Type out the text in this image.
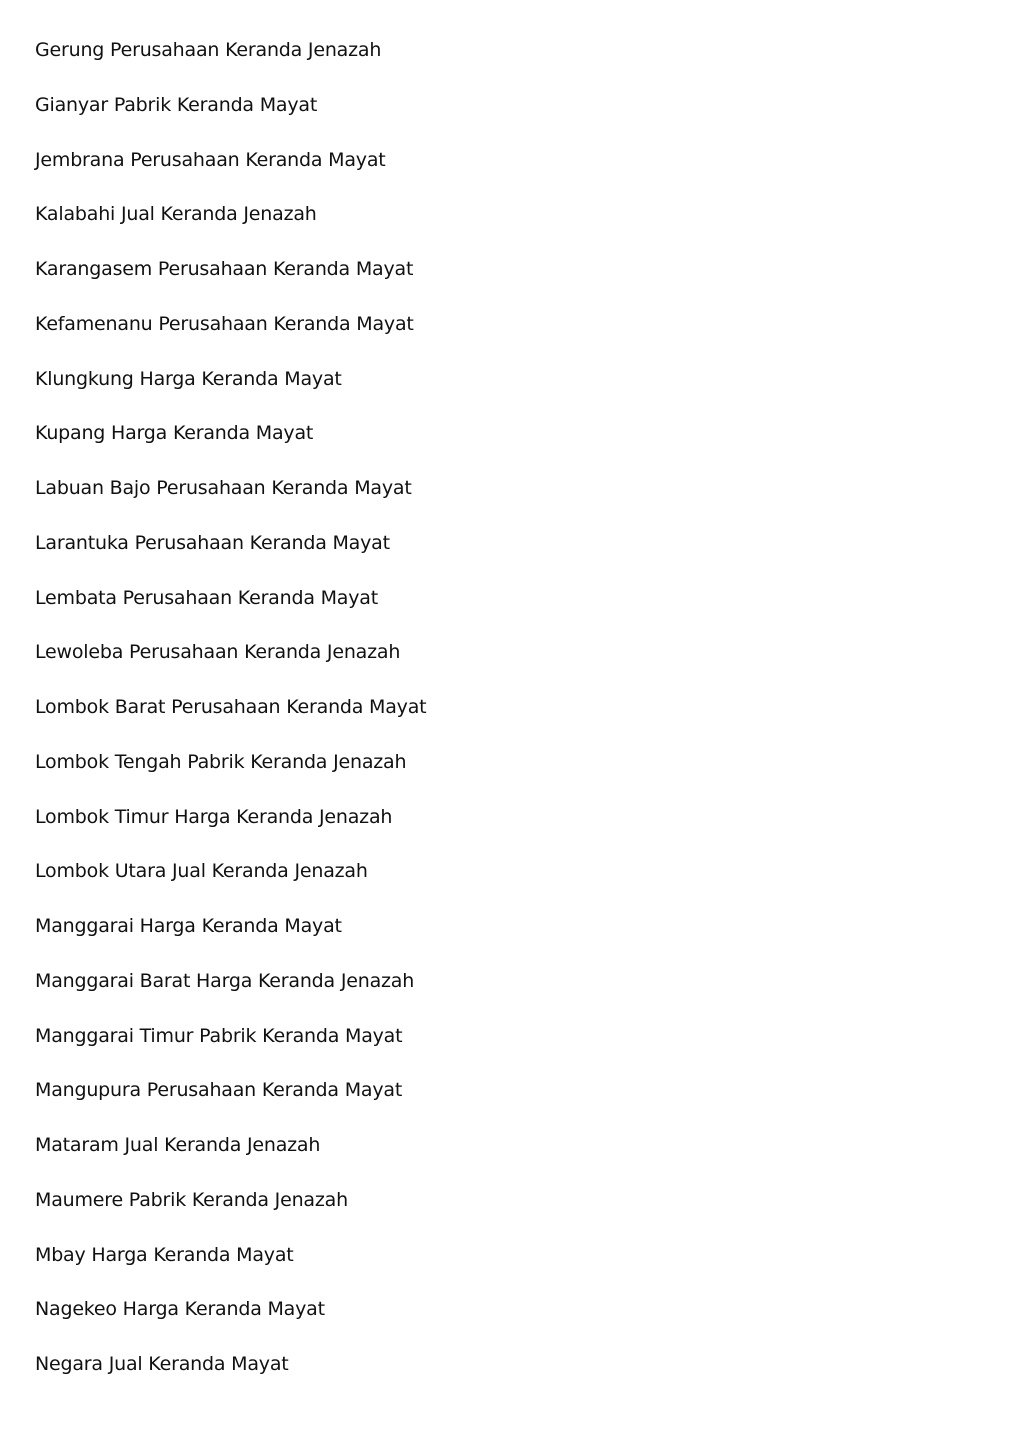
Gerung Perusahaan Keranda Jenazah
Gianyar Pabrik Keranda Mayat
Jembrana Perusahaan Keranda Mayat
Kalabahi Jual Keranda Jenazah
Karangasem Perusahaan Keranda Mayat
Kefamenanu Perusahaan Keranda Mayat
Klungkung Harga Keranda Mayat
Kupang Harga Keranda Mayat
Labuan Bajo Perusahaan Keranda Mayat
Larantuka Perusahaan Keranda Mayat
Lembata Perusahaan Keranda Mayat
Lewoleba Perusahaan Keranda Jenazah
Lombok Barat Perusahaan Keranda Mayat
Lombok Tengah Pabrik Keranda Jenazah
Lombok Timur Harga Keranda Jenazah
Lombok Utara Jual Keranda Jenazah
Manggarai Harga Keranda Mayat
Manggarai Barat Harga Keranda Jenazah
Manggarai Timur Pabrik Keranda Mayat
Mangupura Perusahaan Keranda Mayat
Mataram Jual Keranda Jenazah
Maumere Pabrik Keranda Jenazah
Mbay Harga Keranda Mayat
Nagekeo Harga Keranda Mayat
Negara Jual Keranda Mayat
